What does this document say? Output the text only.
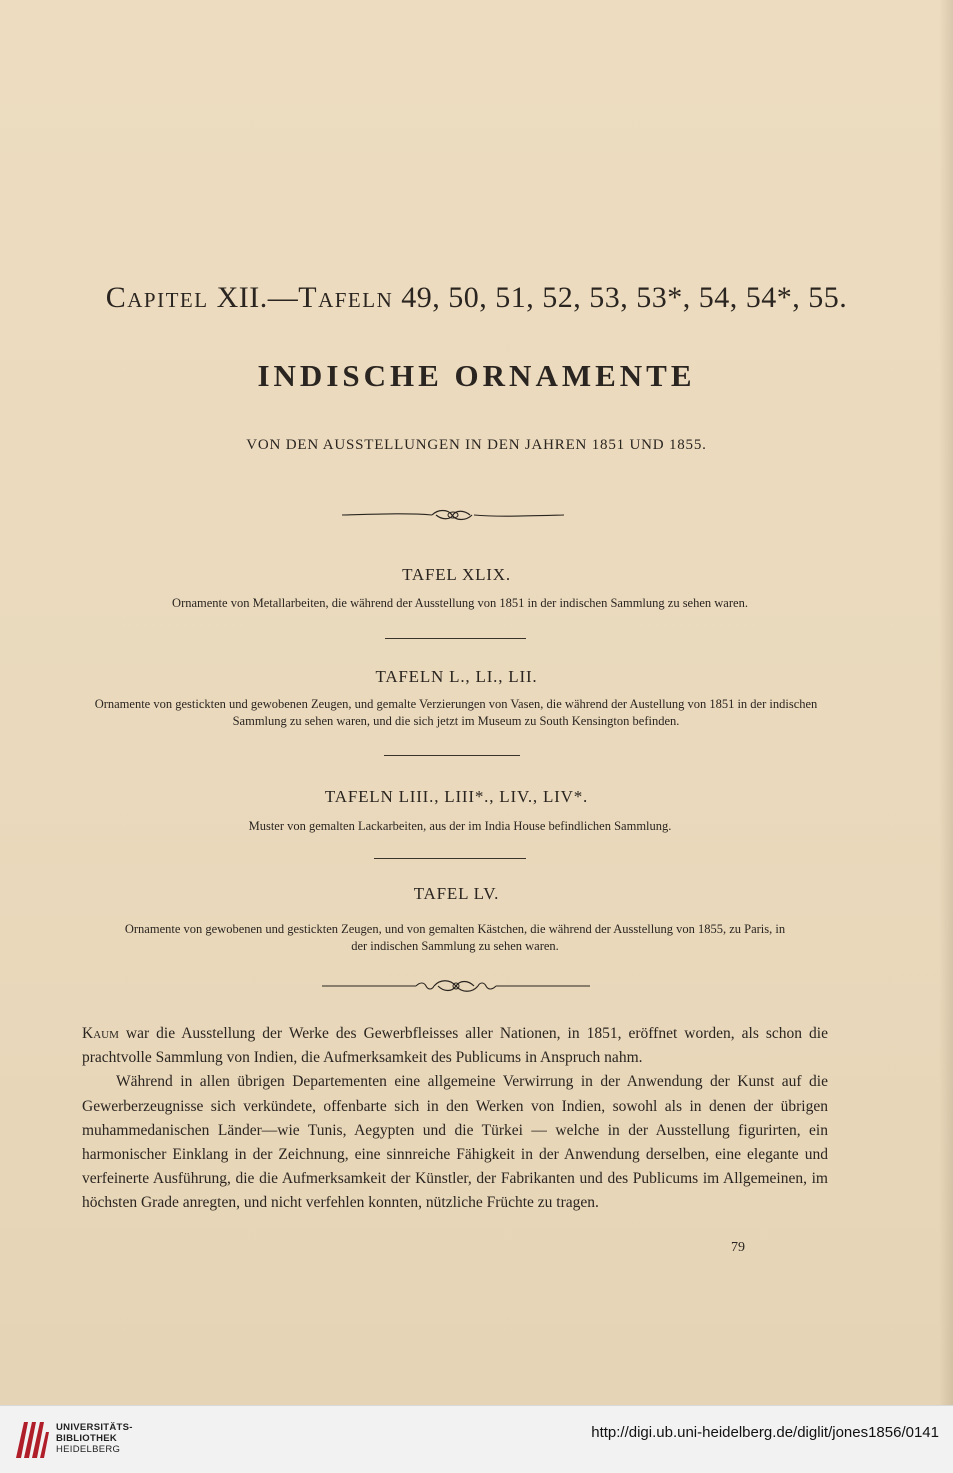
Capitel XII.—Tafeln 49, 50, 51, 52, 53, 53*, 54, 54*, 55.
INDISCHE ORNAMENTE
VON DEN AUSSTELLUNGEN IN DEN JAHREN 1851 UND 1855.
TAFEL XLIX.
Ornamente von Metallarbeiten, die während der Ausstellung von 1851 in der indischen Sammlung zu sehen waren.
TAFELN L., LI., LII.
Ornamente von gestickten und gewobenen Zeugen, und gemalte Verzierungen von Vasen, die während der Austellung von 1851 in der indischen Sammlung zu sehen waren, und die sich jetzt im Museum zu South Kensington befinden.
TAFELN LIII., LIII*., LIV., LIV*.
Muster von gemalten Lackarbeiten, aus der im India House befindlichen Sammlung.
TAFEL LV.
Ornamente von gewobenen und gestickten Zeugen, und von gemalten Kästchen, die während der Ausstellung von 1855, zu Paris, in der indischen Sammlung zu sehen waren.

Kaum war die Ausstellung der Werke des Gewerbfleisses aller Nationen, in 1851, eröffnet worden, als schon die prachtvolle Sammlung von Indien, die Aufmerksamkeit des Publicums in Anspruch nahm.

Während in allen übrigen Departementen eine allgemeine Verwirrung in der Anwendung der Kunst auf die Gewerberzeugnisse sich verkündete, offenbarte sich in den Werken von Indien, sowohl als in denen der übrigen muhammedanischen Länder—wie Tunis, Aegypten und die Türkei — welche in der Ausstellung figurirten, ein harmonischer Einklang in der Zeichnung, eine sinnreiche Fähigkeit in der Anwendung derselben, eine elegante und verfeinerte Ausführung, die die Aufmerksamkeit der Künstler, der Fabrikanten und des Publicums im Allgemeinen, im höchsten Grade anregten, und nicht verfehlen konnten, nützliche Früchte zu tragen.

79
UNIVERSITÄTS-
BIBLIOTHEK
HEIDELBERG
http://digi.ub.uni-heidelberg.de/diglit/jones1856/0141
